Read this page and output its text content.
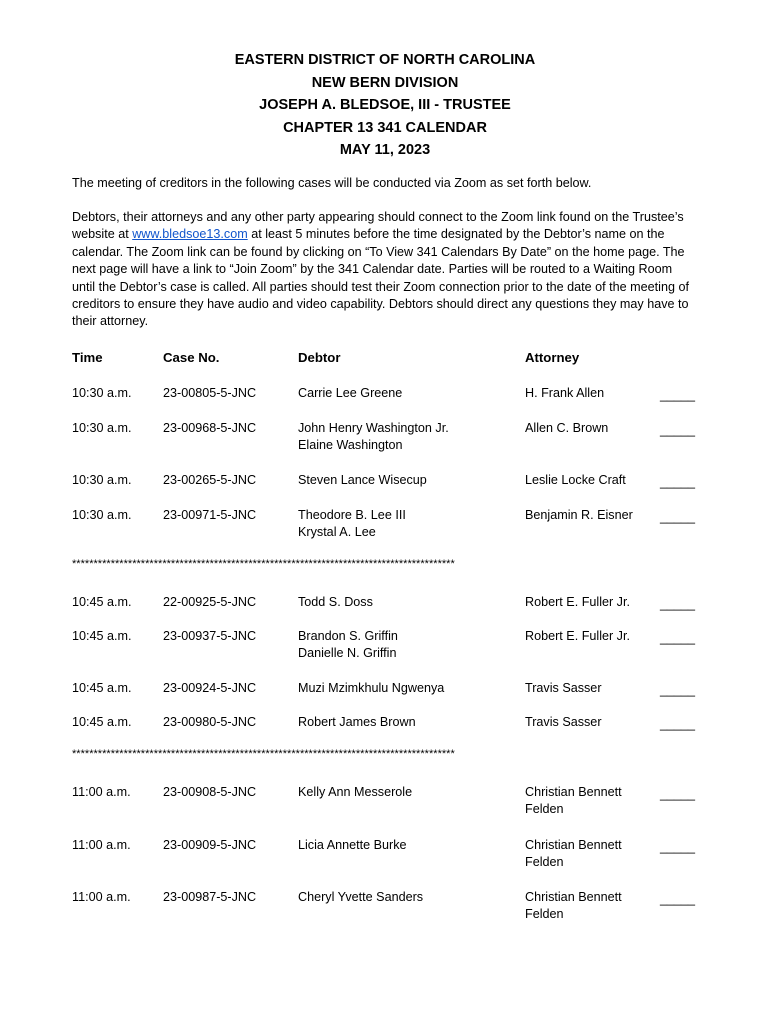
EASTERN DISTRICT OF NORTH CAROLINA
NEW BERN DIVISION
JOSEPH A. BLEDSOE, III - TRUSTEE
CHAPTER 13 341 CALENDAR
MAY 11, 2023
The meeting of creditors in the following cases will be conducted via Zoom as set forth below.
Debtors, their attorneys and any other party appearing should connect to the Zoom link found on the Trustee’s website at www.bledsoe13.com at least 5 minutes before the time designated by the Debtor’s name on the calendar. The Zoom link can be found by clicking on “To View 341 Calendars By Date” on the home page. The next page will have a link to “Join Zoom” by the 341 Calendar date. Parties will be routed to a Waiting Room until the Debtor’s case is called. All parties should test their Zoom connection prior to the date of the meeting of creditors to ensure they have audio and video capability. Debtors should direct any questions they may have to their attorney.
Time	Case No.	Debtor	Attorney
10:30 a.m. 23-00805-5-JNC	Carrie Lee Greene	H. Frank Allen	_____
10:30 a.m. 23-00968-5-JNC	John Henry Washington Jr.
Elaine Washington
Allen C. Brown	_____
10:30 a.m. 23-00265-5-JNC	Steven Lance Wisecup	Leslie Locke Craft	_____
10:30 a.m. 23-00971-5-JNC	Theodore B. Lee III
Krystal A. Lee
Benjamin R. Eisner _____
*****************************************************************************************
10:45 a.m. 22-00925-5-JNC	Todd S. Doss	Robert E. Fuller Jr.	_____
10:45 a.m. 23-00937-5-JNC	Brandon S. Griffin
Danielle N. Griffin
Robert E. Fuller Jr.	_____
10:45 a.m. 23-00924-5-JNC	Muzi Mzimkhulu Ngwenya	Travis Sasser	_____
10:45 a.m. 23-00980-5-JNC	Robert James Brown	Travis Sasser	_____
*****************************************************************************************
11:00 a.m.	23-00908-5-JNC	Kelly Ann Messerole	Christian Bennett
Felden
_____
11:00 a.m.	23-00909-5-JNC	Licia Annette Burke	Christian Bennett
Felden
_____
11:00 a.m.	23-00987-5-JNC	Cheryl Yvette Sanders	Christian Bennett
Felden
_____
